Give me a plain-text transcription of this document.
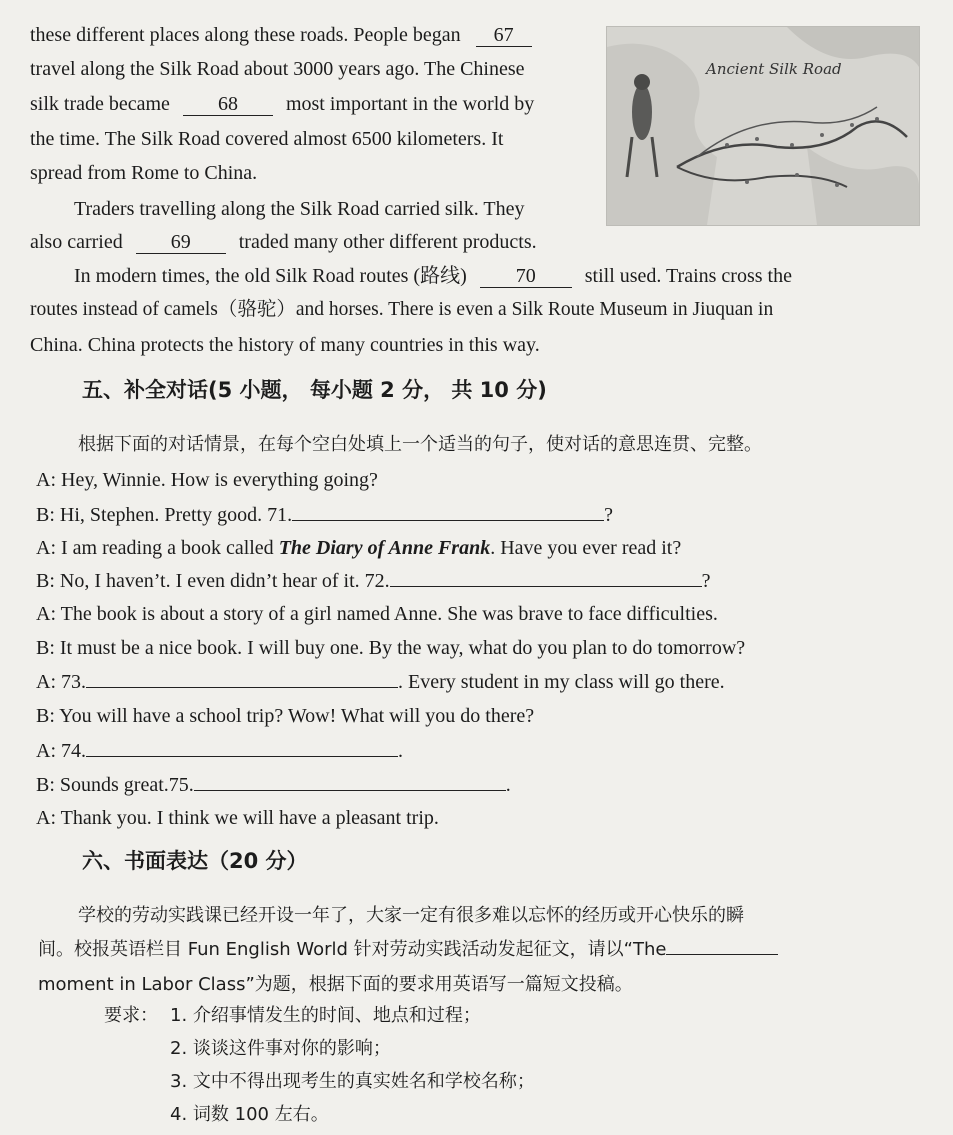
these different places along these roads. People began 67
travel along the Silk Road about 3000 years ago. The Chinese
silk trade became 68 most important in the world by
the time. The Silk Road covered almost 6500 kilometers. It
spread from Rome to China.
Traders travelling along the Silk Road carried silk. They
also carried 69 traded many other different products.
In modern times, the old Silk Road routes (路线) 70 still used. Trains cross the
routes instead of camels（骆驼）and horses. There is even a Silk Route Museum in Jiuquan in
China. China protects the history of many countries in this way.
Ancient Silk Road
五、补全对话(5 小题， 每小题 2 分， 共 10 分)
根据下面的对话情景，在每个空白处填上一个适当的句子，使对话的意思连贯、完整。
A: Hey, Winnie. How is everything going?
B: Hi, Stephen. Pretty good. 71.	?
A: I am reading a book called The Diary of Anne Frank. Have you ever read it?
B: No, I haven’t. I even didn’t hear of it. 72.	?
A: The book is about a story of a girl named Anne. She was brave to face difficulties.
B: It must be a nice book. I will buy one. By the way, what do you plan to do tomorrow?
A: 73.	. Every student in my class will go there.
B: You will have a school trip? Wow! What will you do there?
A: 74.	.
B: Sounds great.75.	.
A: Thank you. I think we will have a pleasant trip.
六、书面表达（20 分）
学校的劳动实践课已经开设一年了，大家一定有很多难以忘怀的经历或开心快乐的瞬
间。校报英语栏目 Fun English World 针对劳动实践活动发起征文，请以“The
moment in Labor Class”为题，根据下面的要求用英语写一篇短文投稿。
要求： 1. 介绍事情发生的时间、地点和过程；
2. 谈谈这件事对你的影响；
3. 文中不得出现考生的真实姓名和学校名称；
4. 词数 100 左右。
